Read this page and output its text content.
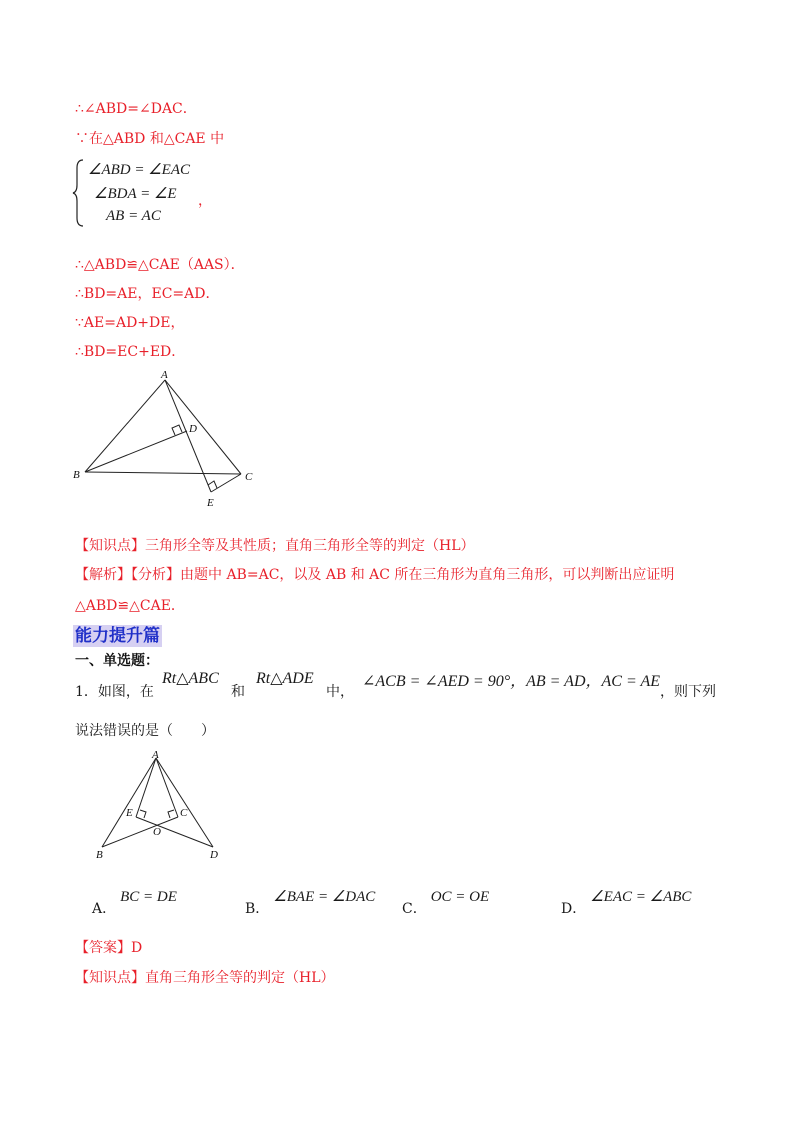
∴∠ABD=∠DAC．
∵在△ABD 和△CAE 中
∠ABD = ∠EAC
∠BDA = ∠E
AB = AC
，
∴△ABD≌△CAE（AAS）．
∴BD=AE，EC=AD．
∵AE=AD+DE，
∴BD=EC+ED．
A
B	C
D
E
【知识点】三角形全等及其性质；直角三角形全等的判定（HL）
【解析】【分析】由题中 AB=AC，以及 AB 和 AC 所在三角形为直角三角形，可以判断出应证明
△ABD≌△CAE．
能力提升篇
一、单选题：
1．如图，在
Rt△ABC
和
Rt△ADE
中，
∠ACB = ∠AED = 90°，AB = AD，AC = AE
，则下列
说法错误的是（　　）
A
E	C
O
B	D
A．BC = DE
B．∠BAE = ∠DAC
C．OC = OE
D．∠EAC = ∠ABC
【答案】D
【知识点】直角三角形全等的判定（HL）
